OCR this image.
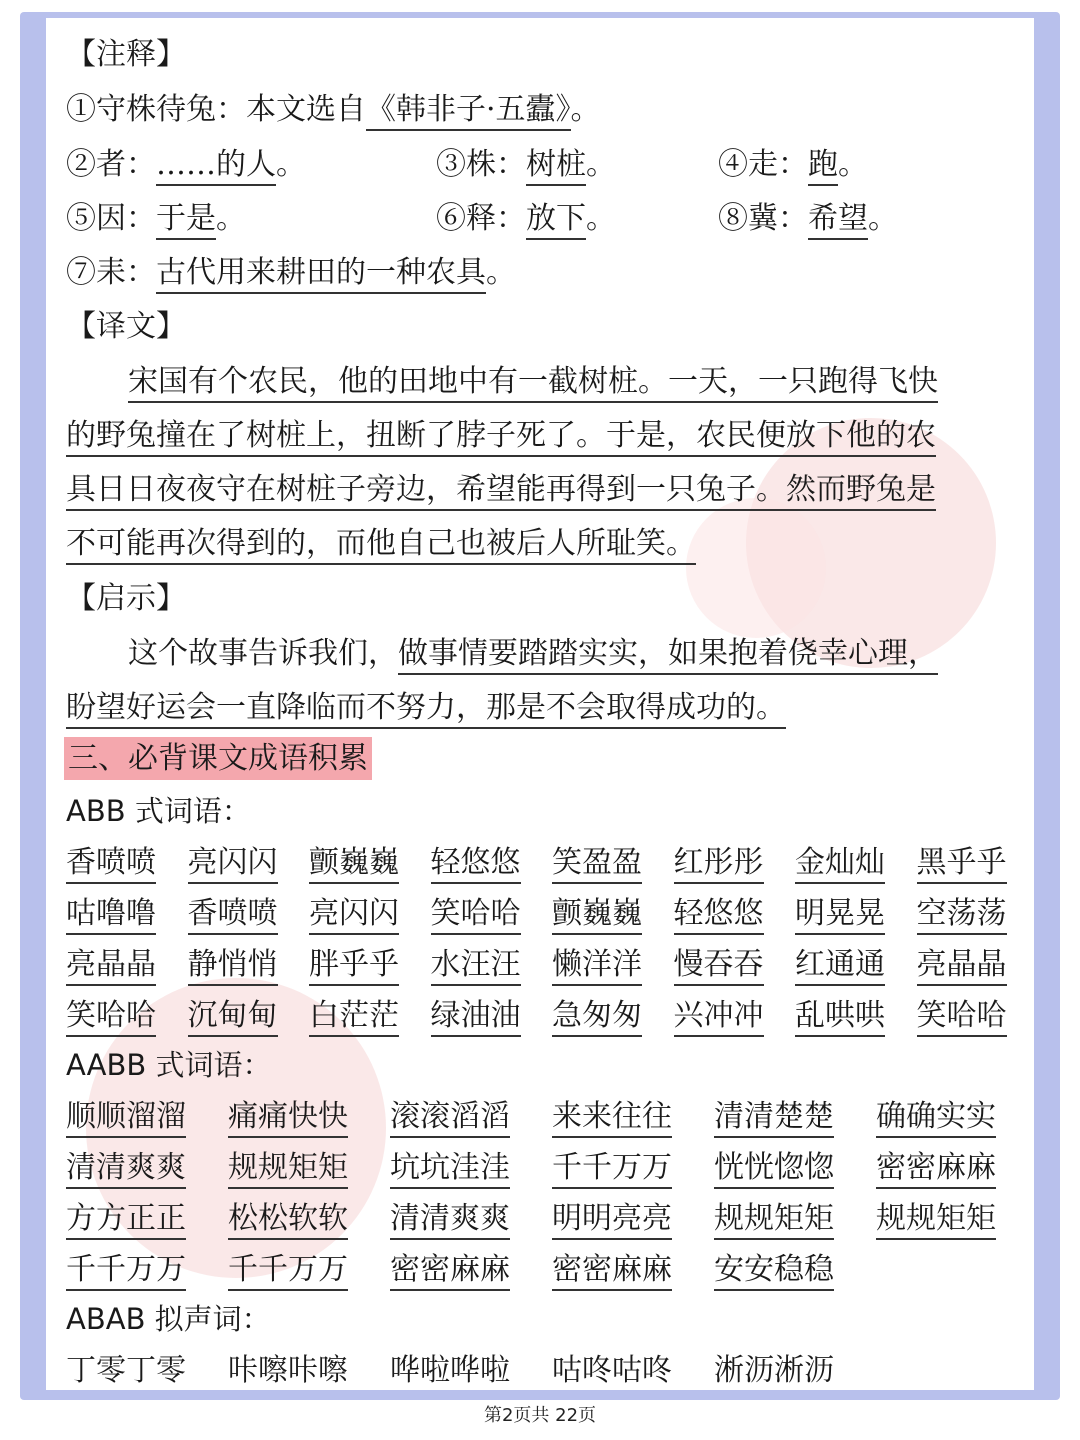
【注释】
①守株待兔：本文选自《韩非子·五蠹》。
②者：……的人。	③株：树桩。	④走：跑。
⑤因：于是。	⑥释：放下。	⑧冀：希望。
⑦耒：古代用来耕田的一种农具。
【译文】
宋国有个农民，他的田地中有一截树桩。一天，一只跑得飞快
的野兔撞在了树桩上，扭断了脖子死了。于是，农民便放下他的农
具日日夜夜守在树桩子旁边，希望能再得到一只兔子。然而野兔是
不可能再次得到的，而他自己也被后人所耻笑。
【启示】
这个故事告诉我们，做事情要踏踏实实，如果抱着侥幸心理，
盼望好运会一直降临而不努力，那是不会取得成功的。
三、必背课文成语积累
ABB 式词语：
香喷喷 亮闪闪 颤巍巍 轻悠悠 笑盈盈 红彤彤 金灿灿 黑乎乎
咕噜噜 香喷喷 亮闪闪 笑哈哈 颤巍巍 轻悠悠 明晃晃 空荡荡
亮晶晶 静悄悄 胖乎乎 水汪汪 懒洋洋 慢吞吞 红通通 亮晶晶
笑哈哈 沉甸甸 白茫茫 绿油油 急匆匆 兴冲冲 乱哄哄 笑哈哈
AABB 式词语：
顺顺溜溜 痛痛快快 滚滚滔滔 来来往往 清清楚楚 确确实实
清清爽爽 规规矩矩 坑坑洼洼 千千万万 恍恍惚惚 密密麻麻
方方正正 松松软软 清清爽爽 明明亮亮 规规矩矩 规规矩矩
千千万万 千千万万 密密麻麻 密密麻麻 安安稳稳
ABAB 拟声词：
丁零丁零 咔嚓咔嚓 哗啦哗啦 咕咚咕咚 淅沥淅沥
第2页共 22页
